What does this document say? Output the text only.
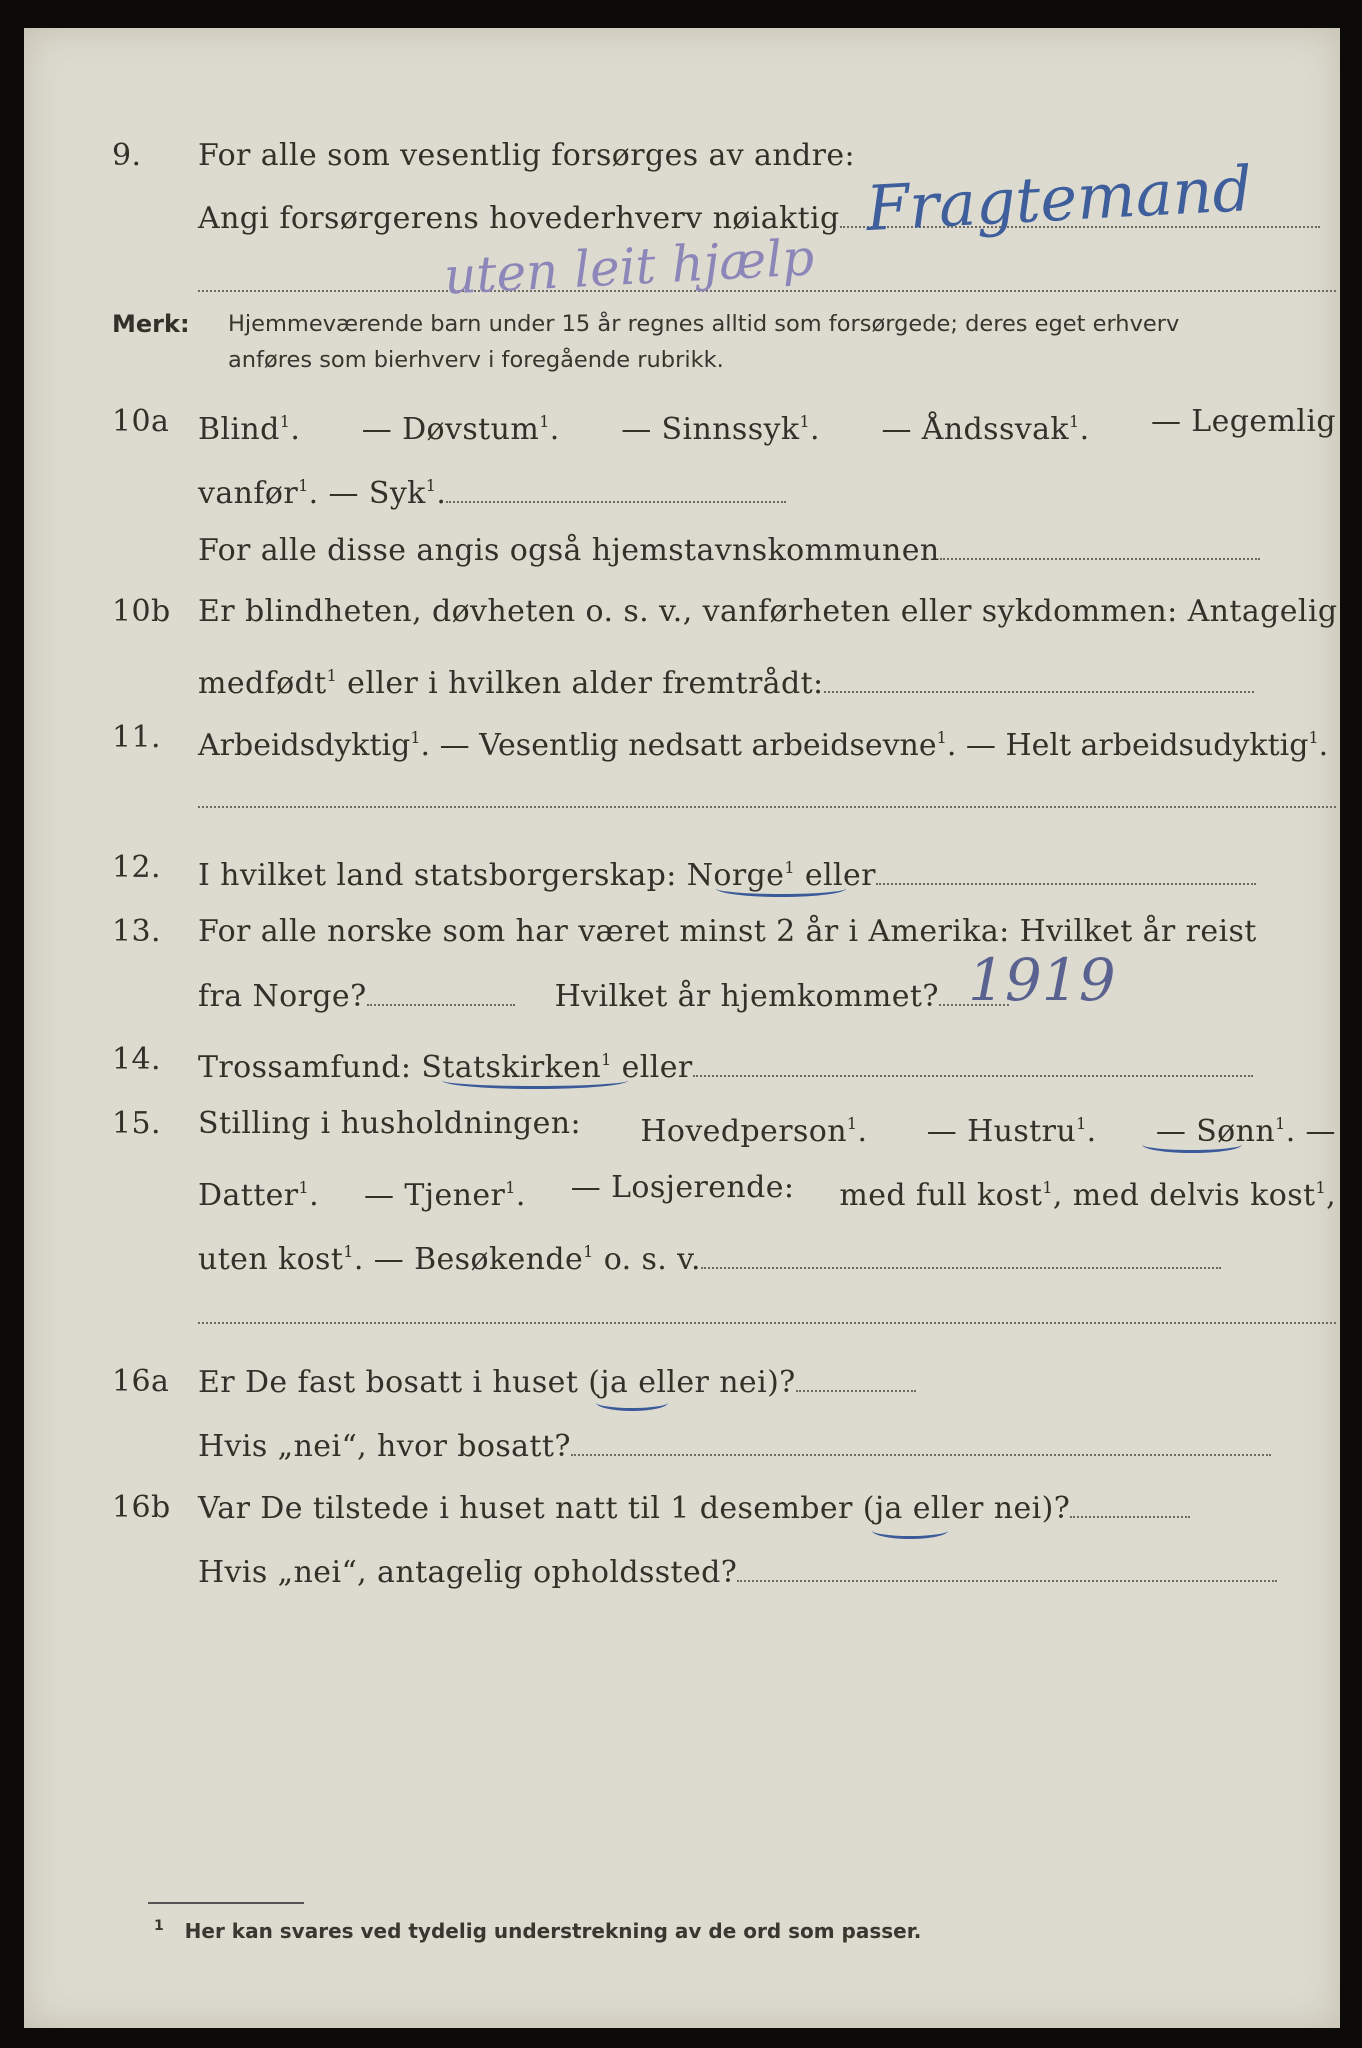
9. For alle som vesentlig forsørges av andre:
Angi forsørgerens hovederhverv nøiaktig Fragtemand
uten leit hjælp
Merk: Hjemmeværende barn under 15 år regnes alltid som forsørgede; deres eget erhverv
anføres som bierhverv i foregående rubrikk.
10a Blind$^1$. — Døvstum$^1$. — Sinnssyk$^1$. — Åndssvak$^1$. — Legemlig
vanfør$^1$. — Syk$^1$.
For alle disse angis også hjemstavnskommunen
10b Er blindheten, døvheten o. s. v., vanførheten eller sykdommen: Antagelig
medfødt$^1$ eller i hvilken alder fremtrådt:
11. Arbeidsdyktig$^1$. — Vesentlig nedsatt arbeidsevne$^1$. — Helt arbeidsudyktig$^1$.
12. I hvilket land statsborgerskap: Norge$^1$ eller
13. For alle norske som har været minst 2 år i Amerika: Hvilket år reist
fra Norge?	Hvilket år hjemkommet? 1919
14. Trossamfund: Statskirken$^1$ eller
15. Stilling i husholdningen: Hovedperson$^1$. — Hustru$^1$. — Sønn$^1$. —
Datter$^1$. — Tjener$^1$. — Losjerende: med full kost$^1$, med delvis kost$^1$,
uten kost$^1$. — Besøkende$^1$ o. s. v.
16a Er De fast bosatt i huset (ja eller nei)?
Hvis „nei“, hvor bosatt?
16b Var De tilstede i huset natt til 1 desember (ja eller nei)?
Hvis „nei“, antagelig opholdssted?
$^1$ Her kan svares ved tydelig understrekning av de ord som passer.
